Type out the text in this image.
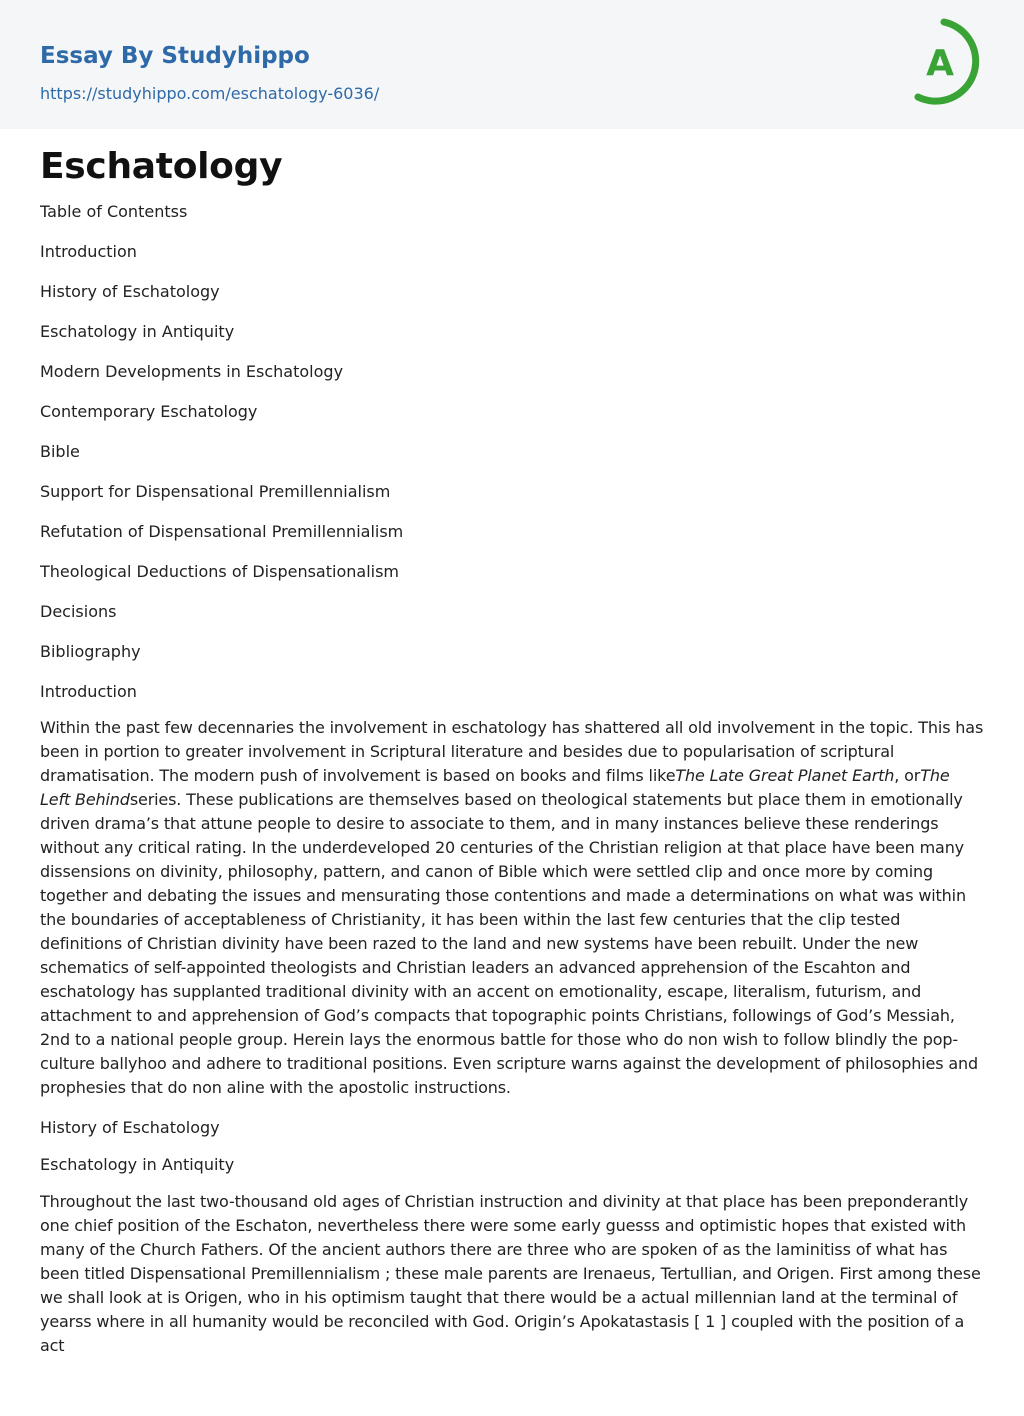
Essay By Studyhippo
https://studyhippo.com/eschatology-6036/
A
Eschatology

Table of Contentss

Introduction

History of Eschatology

Eschatology in Antiquity

Modern Developments in Eschatology

Contemporary Eschatology

Bible

Support for Dispensational Premillennialism

Refutation of Dispensational Premillennialism

Theological Deductions of Dispensationalism

Decisions

Bibliography

Introduction

Within the past few decennaries the involvement in eschatology has shattered all old involvement in the topic. This has been in portion to greater involvement in Scriptural literature and besides due to popularisation of scriptural dramatisation. The modern push of involvement is based on books and films likeThe Late Great Planet Earth, orThe Left Behindseries. These publications are themselves based on theological statements but place them in emotionally driven drama’s that attune people to desire to associate to them, and in many instances believe these renderings without any critical rating. In the underdeveloped 20 centuries of the Christian religion at that place have been many dissensions on divinity, philosophy, pattern, and canon of Bible which were settled clip and once more by coming together and debating the issues and mensurating those contentions and made a determinations on what was within the boundaries of acceptableness of Christianity, it has been within the last few centuries that the clip tested definitions of Christian divinity have been razed to the land and new systems have been rebuilt. Under the new schematics of self-appointed theologists and Christian leaders an advanced apprehension of the Escahton and eschatology has supplanted traditional divinity with an accent on emotionality, escape, literalism, futurism, and attachment to and apprehension of God’s compacts that topographic points Christians, followings of God’s Messiah, 2nd to a national people group. Herein lays the enormous battle for those who do non wish to follow blindly the pop-culture ballyhoo and adhere to traditional positions. Even scripture warns against the development of philosophies and prophesies that do non aline with the apostolic instructions.

History of Eschatology

Eschatology in Antiquity

Throughout the last two-thousand old ages of Christian instruction and divinity at that place has been preponderantly one chief position of the Eschaton, nevertheless there were some early guesss and optimistic hopes that existed with many of the Church Fathers. Of the ancient authors there are three who are spoken of as the laminitiss of what has been titled Dispensational Premillennialism ; these male parents are Irenaeus, Tertullian, and Origen. First among these we shall look at is Origen, who in his optimism taught that there would be a actual millennian land at the terminal of yearss where in all humanity would be reconciled with God. Origin’s Apokatastasis [ 1 ] coupled with the position of a act
